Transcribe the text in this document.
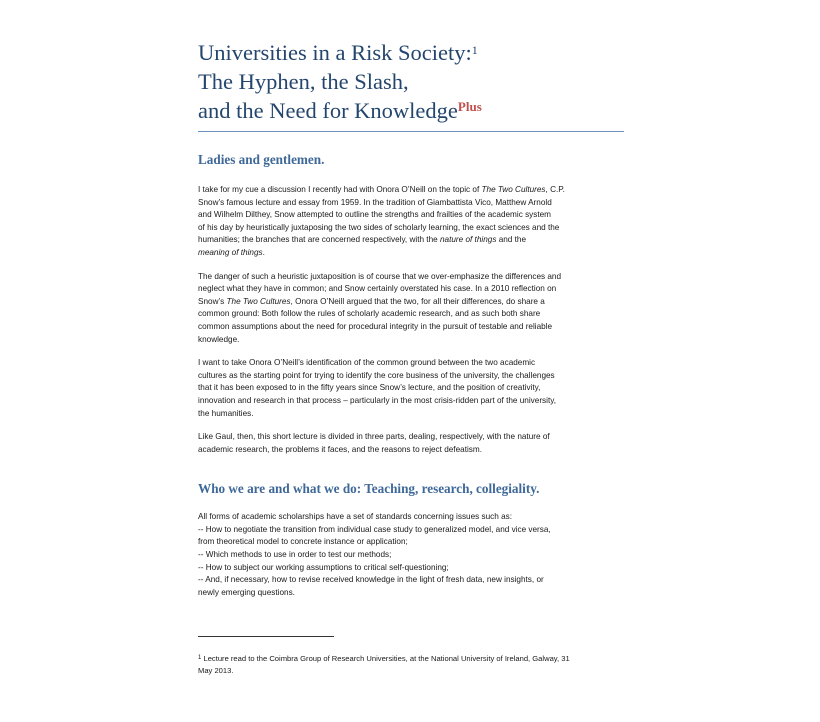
Universities in a Risk Society:$^1$
The Hyphen, the Slash,
and the Need for Knowledge$^{Plus}$
Ladies and gentlemen.
I take for my cue a discussion I recently had with Onora O’Neill on the topic of The Two Cultures, C.P.
Snow’s famous lecture and essay from 1959. In the tradition of Giambattista Vico, Matthew Arnold
and Wilhelm Dilthey, Snow attempted to outline the strengths and frailties of the academic system
of his day by heuristically juxtaposing the two sides of scholarly learning, the exact sciences and the
humanities; the branches that are concerned respectively, with the nature of things and the
meaning of things.
The danger of such a heuristic juxtaposition is of course that we over-emphasize the differences and
neglect what they have in common; and Snow certainly overstated his case. In a 2010 reflection on
Snow’s The Two Cultures, Onora O’Neill argued that the two, for all their differences, do share a
common ground: Both follow the rules of scholarly academic research, and as such both share
common assumptions about the need for procedural integrity in the pursuit of testable and reliable
knowledge.
I want to take Onora O’Neill’s identification of the common ground between the two academic
cultures as the starting point for trying to identify the core business of the university, the challenges
that it has been exposed to in the fifty years since Snow’s lecture, and the position of creativity,
innovation and research in that process – particularly in the most crisis-ridden part of the university,
the humanities.
Like Gaul, then, this short lecture is divided in three parts, dealing, respectively, with the nature of
academic research, the problems it faces, and the reasons to reject defeatism.
Who we are and what we do: Teaching, research, collegiality.
All forms of academic scholarships have a set of standards concerning issues such as:
-- How to negotiate the transition from individual case study to generalized model, and vice versa,
from theoretical model to concrete instance or application;
-- Which methods to use in order to test our methods;
-- How to subject our working assumptions to critical self-questioning;
-- And, if necessary, how to revise received knowledge in the light of fresh data, new insights, or
newly emerging questions.
$^1$ Lecture read to the Coimbra Group of Research Universities, at the National University of Ireland, Galway, 31
May 2013.
